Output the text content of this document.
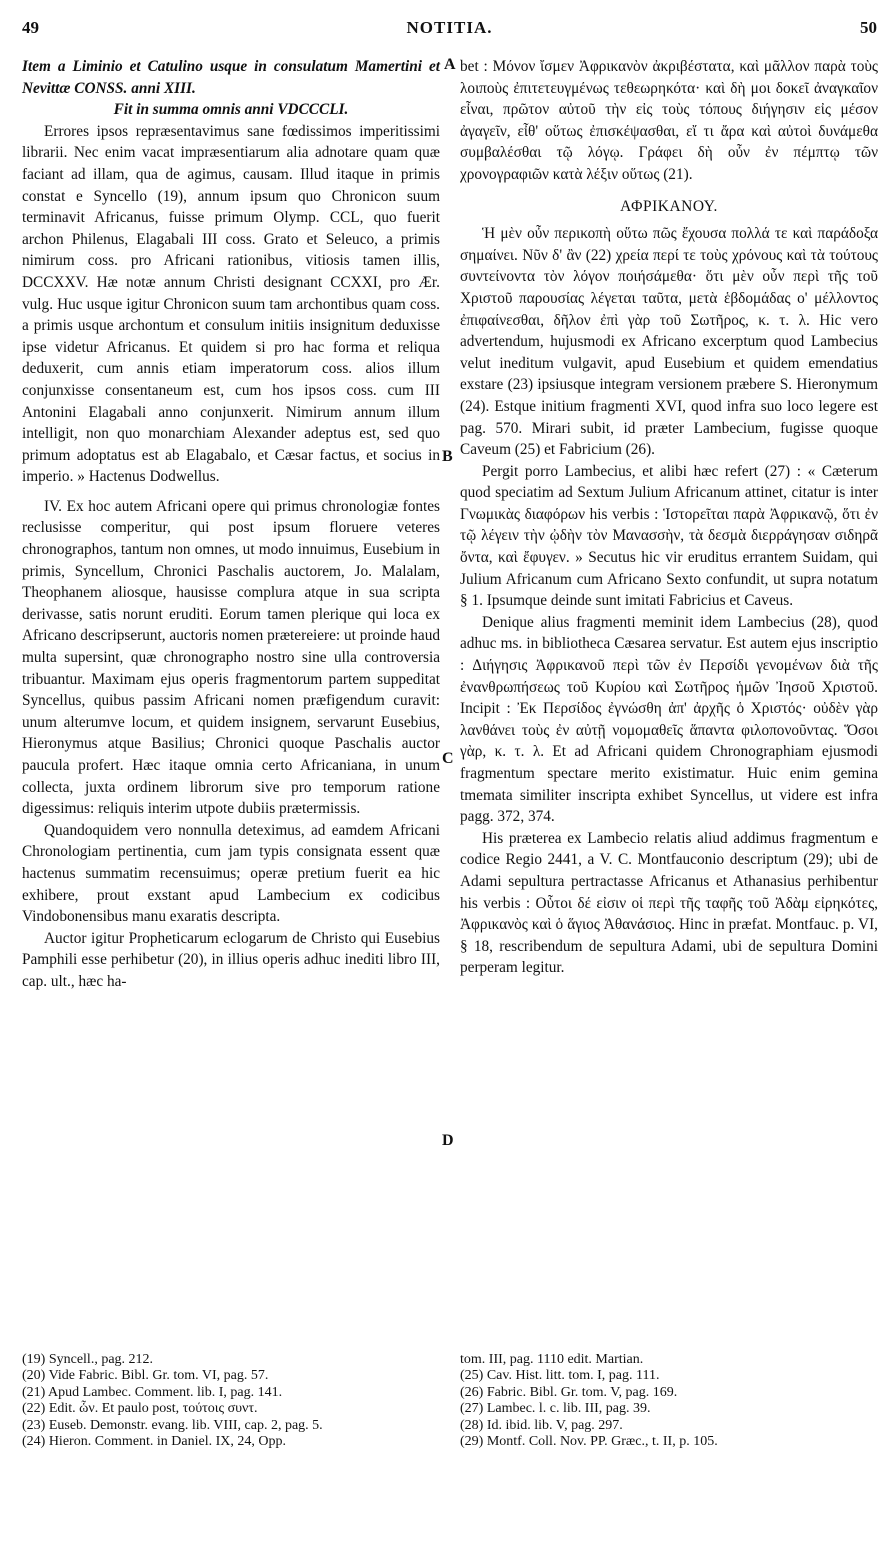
49	NOTITIA.	50

Item a Liminio et Catulino usque in consulatum Mamertini et Nevittæ CONSS. anni XIII.

Fit in summa omnis anni VDCCCLI.

Errores ipsos repræsentavimus sane fœdissimos imperitissimi librarii. Nec enim vacat impræsentiarum alia adnotare quam quæ faciant ad illam, qua de agimus, causam. Illud itaque in primis constat e Syncello (19), annum ipsum quo Chronicon suum terminavit Africanus, fuisse primum Olymp. CCL, quo fuerit archon Philenus, Elagabali III coss. Grato et Seleuco, a primis nimirum coss. pro Africani rationibus, vitiosis tamen illis, DCCXXV. Hæ notæ annum Christi designant CCXXI, pro Ær. vulg. Huc usque igitur Chronicon suum tam archontibus quam coss. a primis usque archontum et consulum initiis insignitum deduxisse ipse videtur Africanus. Et quidem si pro hac forma et reliqua deduxerit, cum annis etiam imperatorum coss. alios illum conjunxisse consentaneum est, cum hos ipsos coss. cum III Antonini Elagabali anno conjunxerit. Nimirum annum illum intelligit, non quo monarchiam Alexander adeptus est, sed quo primum adoptatus est ab Elagabalo, et Cæsar factus, et socius in imperio. » Hactenus Dodwellus.

IV. Ex hoc autem Africani opere qui primus chronologiæ fontes reclusisse comperitur, qui post ipsum floruere veteres chronographos, tantum non omnes, ut modo innuimus, Eusebium in primis, Syncellum, Chronici Paschalis auctorem, Jo. Malalam, Theophanem aliosque, hausisse complura atque in sua scripta derivasse, satis norunt eruditi. Eorum tamen plerique qui loca ex Africano descripserunt, auctoris nomen prætereiere: ut proinde haud multa supersint, quæ chronographo nostro sine ulla controversia tribuantur. Maximam ejus operis fragmentorum partem suppeditat Syncellus, quibus passim Africani nomen præfigendum curavit: unum alterumve locum, et quidem insignem, servarunt Eusebius, Hieronymus atque Basilius; Chronici quoque Paschalis auctor paucula profert. Hæc itaque omnia certo Africaniana, in unum collecta, juxta ordinem librorum sive pro temporum ratione digessimus: reliquis interim utpote dubiis prætermissis.

Quandoquidem vero nonnulla deteximus, ad eamdem Africani Chronologiam pertinentia, cum jam typis consignata essent quæ hactenus summatim recensuimus; operæ pretium fuerit ea hic exhibere, prout exstant apud Lambecium ex codicibus Vindobonensibus manu exaratis descripta.

Auctor igitur Propheticarum eclogarum de Christo qui Eusebius Pamphili esse perhibetur (20), in illius operis adhuc inediti libro III, cap. ult., hæc ha-

bet : Μόνον ἴσμεν Ἀφρικανὸν ἀκριβέστατα, καὶ μᾶλλον παρὰ τοὺς λοιποὺς ἐπιτετευγμένως τεθεωρηκότα· καὶ δὴ μοι δοκεῖ ἀναγκαῖον εἶναι, πρῶτον αὐτοῦ τὴν εἰς τοὺς τόπους διήγησιν εἰς μέσον ἀγαγεῖν, εἶθ' οὕτως ἐπισκέψασθαι, εἴ τι ἄρα καὶ αὐτοὶ δυνάμεθα συμβαλέσθαι τῷ λόγῳ. Γράφει δὴ οὖν ἐν πέμπτῳ τῶν χρονογραφιῶν κατὰ λέξιν οὕτως (21).

ΑΦΡΙΚΑΝΟΥ.

Ἡ μὲν οὖν περικοπὴ οὕτω πῶς ἔχουσα πολλά τε καὶ παράδοξα σημαίνει. Νῦν δ' ἂν (22) χρεία περί τε τοὺς χρόνους καὶ τὰ τούτους συντείνοντα τὸν λόγον ποιήσάμεθα· ὅτι μὲν οὖν περὶ τῆς τοῦ Χριστοῦ παρουσίας λέγεται ταῦτα, μετὰ ἑβδομάδας ο' μέλλοντος ἐπιφαίνεσθαι, δῆλον ἐπὶ γὰρ τοῦ Σωτῆρος, κ. τ. λ. Hic vero advertendum, hujusmodi ex Africano excerptum quod Lambecius velut ineditum vulgavit, apud Eusebium et quidem emendatius exstare (23) ipsiusque integram versionem præbere S. Hieronymum (24). Estque initium fragmenti XVI, quod infra suo loco legere est pag. 570. Mirari subit, id præter Lambecium, fugisse quoque Caveum (25) et Fabricium (26).

Pergit porro Lambecius, et alibi hæc refert (27) : « Cæterum quod speciatim ad Sextum Julium Africanum attinet, citatur is inter Γνωμικὰς διαφόρων his verbis : Ἱστορεῖται παρὰ Ἀφρικανῷ, ὅτι ἐν τῷ λέγειν τὴν ᾠδὴν τὸν Μανασσὴν, τὰ δεσμὰ διερράγησαν σιδηρᾶ ὄντα, καὶ ἔφυγεν. » Secutus hic vir eruditus errantem Suidam, qui Julium Africanum cum Africano Sexto confundit, ut supra notatum § 1. Ipsumque deinde sunt imitati Fabricius et Caveus.

Denique alius fragmenti meminit idem Lambecius (28), quod adhuc ms. in bibliotheca Cæsarea servatur. Est autem ejus inscriptio : Διήγησις Ἀφρικανοῦ περὶ τῶν ἐν Περσίδι γενομένων διὰ τῆς ἐνανθρωπήσεως τοῦ Κυρίου καὶ Σωτῆρος ἡμῶν Ἰησοῦ Χριστοῦ. Incipit : Ἐκ Περσίδος ἐγνώσθη ἀπ' ἀρχῆς ὁ Χριστός· οὐδὲν γὰρ λανθάνει τοὺς ἐν αὐτῇ νομομαθεῖς ἅπαντα φιλοπονοῦντας. Ὅσοι γὰρ, κ. τ. λ. Et ad Africani quidem Chronographiam ejusmodi fragmentum spectare merito existimatur. Huic enim gemina tmemata similiter inscripta exhibet Syncellus, ut videre est infra pagg. 372, 374.

His præterea ex Lambecio relatis aliud addimus fragmentum e codice Regio 2441, a V. C. Montfauconio descriptum (29); ubi de Adami sepultura pertractasse Africanus et Athanasius perhibentur his verbis : Οὗτοι δέ εἰσιν οἱ περὶ τῆς ταφῆς τοῦ Ἀδὰμ εἰρηκότες, Ἀφρικανὸς καὶ ὁ ἅγιος Ἀθανάσιος. Hinc in præfat. Montfauc. p. VI, § 18, rescribendum de sepultura Adami, ubi de sepultura Domini perperam legitur.

A
B
C
D
(19) Syncell., pag. 212.
(20) Vide Fabric. Bibl. Gr. tom. VI, pag. 57.
(21) Apud Lambec. Comment. lib. I, pag. 141.
(22) Edit. ὧν. Et paulo post, τούτοις συντ.
(23) Euseb. Demonstr. evang. lib. VIII, cap. 2, pag. 5.
(24) Hieron. Comment. in Daniel. IX, 24, Opp.
tom. III, pag. 1110 edit. Martian.
(25) Cav. Hist. litt. tom. I, pag. 111.
(26) Fabric. Bibl. Gr. tom. V, pag. 169.
(27) Lambec. l. c. lib. III, pag. 39.
(28) Id. ibid. lib. V, pag. 297.
(29) Montf. Coll. Nov. PP. Græc., t. II, p. 105.
